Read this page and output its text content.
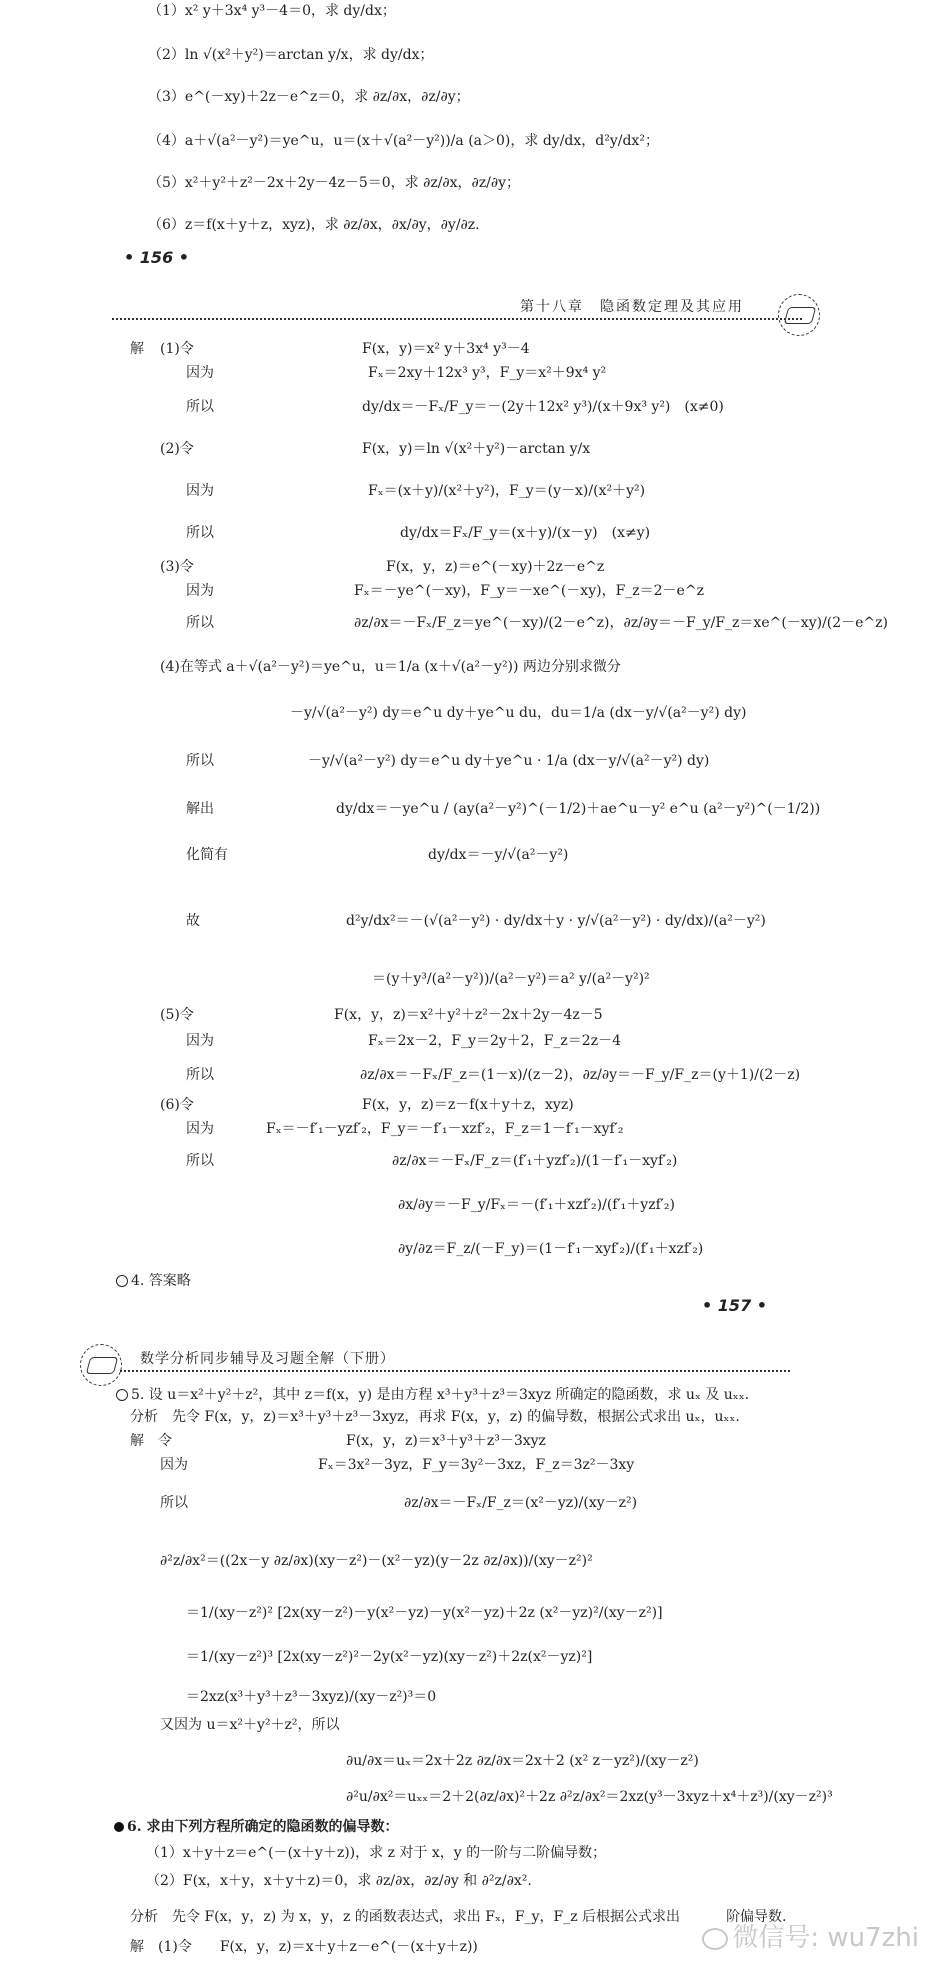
（1）x² y＋3x⁴ y³－4＝0，求 dy/dx；
（2）ln √(x²＋y²)＝arctan y/x，求 dy/dx；
（3）e^(－xy)＋2z－e^z＝0，求 ∂z/∂x，∂z/∂y；
（4）a＋√(a²－y²)＝ye^u，u＝(x＋√(a²－y²))/a (a＞0)，求 dy/dx，d²y/dx²；
（5）x²＋y²＋z²－2x＋2y－4z－5＝0，求 ∂z/∂x，∂z/∂y；
（6）z＝f(x＋y＋z，xyz)，求 ∂z/∂x，∂x/∂y，∂y/∂z.
• 156 •
第十八章　隐函数定理及其应用
解 (1)令	F(x，y)＝x² y＋3x⁴ y³－4
因为	Fₓ＝2xy＋12x³ y³，F_y＝x²＋9x⁴ y²
所以	dy/dx＝－Fₓ/F_y＝－(2y＋12x² y³)/(x＋9x³ y²)　(x≠0)
(2)令	F(x，y)＝ln √(x²＋y²)－arctan y/x
因为	Fₓ＝(x＋y)/(x²＋y²)，F_y＝(y－x)/(x²＋y²)
所以	dy/dx＝Fₓ/F_y＝(x＋y)/(x－y)　(x≠y)
(3)令	F(x，y，z)＝e^(－xy)＋2z－e^z
因为	Fₓ＝－ye^(－xy)，F_y＝－xe^(－xy)，F_z＝2－e^z
所以	∂z/∂x＝－Fₓ/F_z＝ye^(－xy)/(2－e^z)，∂z/∂y＝－F_y/F_z＝xe^(－xy)/(2－e^z)
(4)在等式 a＋√(a²－y²)＝ye^u，u＝1/a (x＋√(a²－y²)) 两边分别求微分
－y/√(a²－y²) dy＝e^u dy＋ye^u du，du＝1/a (dx－y/√(a²－y²) dy)
所以	－y/√(a²－y²) dy＝e^u dy＋ye^u · 1/a (dx－y/√(a²－y²) dy)
解出	dy/dx＝－ye^u / (ay(a²－y²)^(－1/2)＋ae^u－y² e^u (a²－y²)^(－1/2))
化简有	dy/dx＝－y/√(a²－y²)
故	d²y/dx²＝－(√(a²－y²) · dy/dx＋y · y/√(a²－y²) · dy/dx)/(a²－y²)
＝(y＋y³/(a²－y²))/(a²－y²)＝a² y/(a²－y²)²
(5)令	F(x，y，z)＝x²＋y²＋z²－2x＋2y－4z－5
因为	Fₓ＝2x－2，F_y＝2y＋2，F_z＝2z－4
所以	∂z/∂x＝－Fₓ/F_z＝(1－x)/(z－2)，∂z/∂y＝－F_y/F_z＝(y＋1)/(2－z)
(6)令	F(x，y，z)＝z－f(x＋y＋z，xyz)
因为	Fₓ＝－f′₁－yzf′₂，F_y＝－f′₁－xzf′₂，F_z＝1－f′₁－xyf′₂
所以	∂z/∂x＝－Fₓ/F_z＝(f′₁＋yzf′₂)/(1－f′₁－xyf′₂)
∂x/∂y＝－F_y/Fₓ＝－(f′₁＋xzf′₂)/(f′₁＋yzf′₂)
∂y/∂z＝F_z/(－F_y)＝(1－f′₁－xyf′₂)/(f′₁＋xzf′₂)
4. 答案略
• 157 •
数学分析同步辅导及习题全解（下册）
5. 设 u＝x²＋y²＋z²，其中 z＝f(x，y) 是由方程 x³＋y³＋z³＝3xyz 所确定的隐函数，求 uₓ 及 uₓₓ.
分析　先令 F(x，y，z)＝x³＋y³＋z³－3xyz，再求 F(x，y，z) 的偏导数，根据公式求出 uₓ，uₓₓ.
解　令	F(x，y，z)＝x³＋y³＋z³－3xyz
因为	Fₓ＝3x²－3yz，F_y＝3y²－3xz，F_z＝3z²－3xy
所以	∂z/∂x＝－Fₓ/F_z＝(x²－yz)/(xy－z²)
∂²z/∂x²＝((2x－y ∂z/∂x)(xy－z²)－(x²－yz)(y－2z ∂z/∂x))/(xy－z²)²
＝1/(xy－z²)² [2x(xy－z²)－y(x²－yz)－y(x²－yz)＋2z (x²－yz)²/(xy－z²)]
＝1/(xy－z²)³ [2x(xy－z²)²－2y(x²－yz)(xy－z²)＋2z(x²－yz)²]
＝2xz(x³＋y³＋z³－3xyz)/(xy－z²)³＝0
又因为 u＝x²＋y²＋z²，所以
∂u/∂x＝uₓ＝2x＋2z ∂z/∂x＝2x＋2 (x² z－yz²)/(xy－z²)
∂²u/∂x²＝uₓₓ＝2＋2(∂z/∂x)²＋2z ∂²z/∂x²＝2xz(y³－3xyz＋x⁴＋z³)/(xy－z²)³
6. 求由下列方程所确定的隐函数的偏导数：
（1）x＋y＋z＝e^(－(x＋y＋z))，求 z 对于 x，y 的一阶与二阶偏导数；
（2）F(x，x＋y，x＋y＋z)＝0，求 ∂z/∂x，∂z/∂y 和 ∂²z/∂x².
分析　先令 F(x，y，z) 为 x，y，z 的函数表达式，求出 Fₓ，F_y，F_z 后根据公式求出	阶偏导数.
解　(1)令　　F(x，y，z)＝x＋y＋z－e^(－(x＋y＋z))	微信号: wu7zhi
